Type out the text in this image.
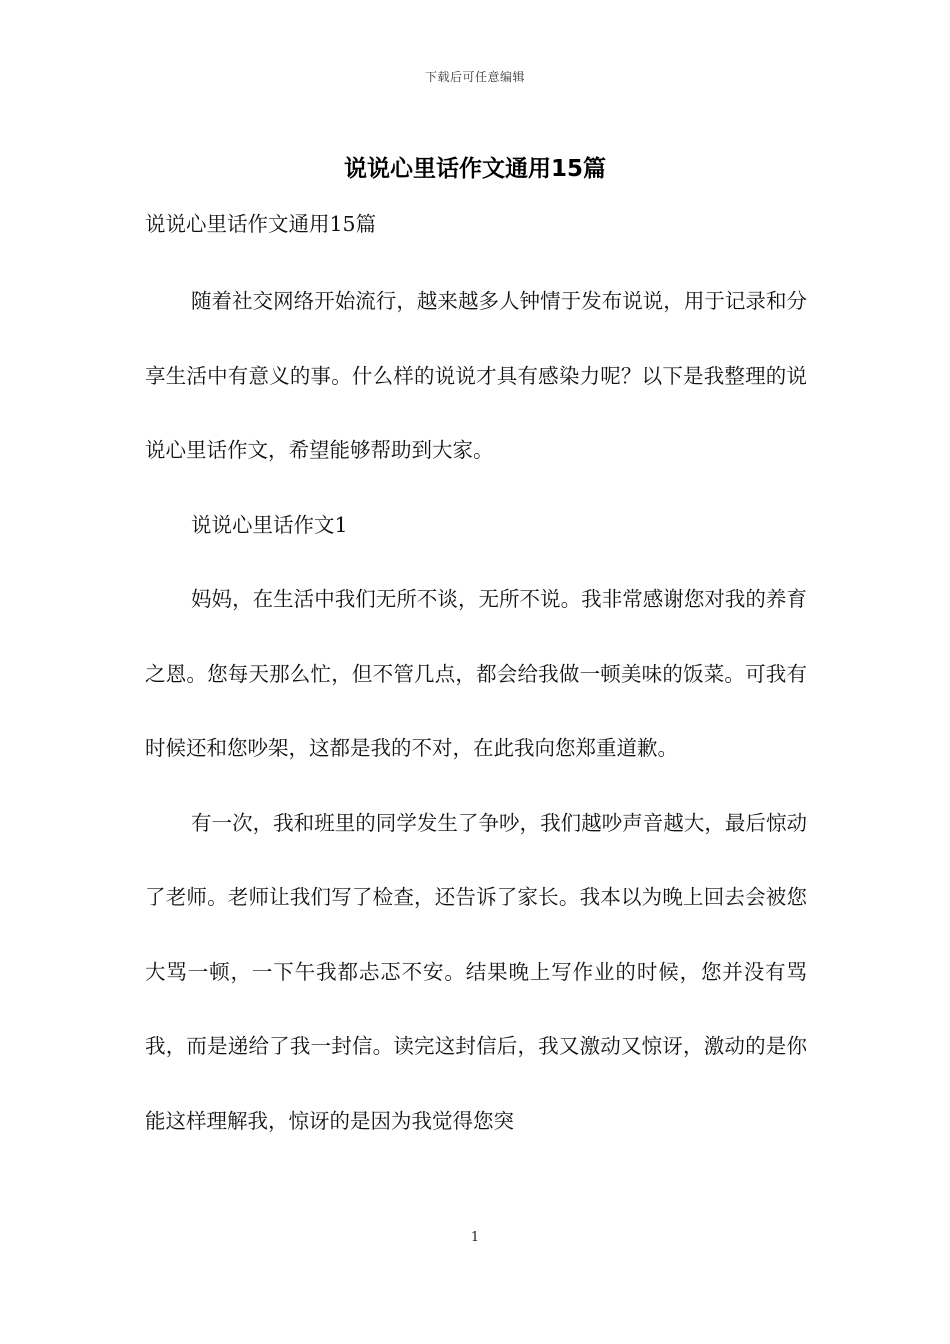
下载后可任意编辑
说说心里话作文通用15篇
说说心里话作文通用15篇

随着社交网络开始流行，越来越多人钟情于发布说说，用于记录和分享生活中有意义的事。什么样的说说才具有感染力呢？以下是我整理的说说心里话作文，希望能够帮助到大家。

说说心里话作文1

妈妈，在生活中我们无所不谈，无所不说。我非常感谢您对我的养育之恩。您每天那么忙，但不管几点，都会给我做一顿美味的饭菜。可我有时候还和您吵架，这都是我的不对，在此我向您郑重道歉。

有一次，我和班里的同学发生了争吵，我们越吵声音越大，最后惊动了老师。老师让我们写了检查，还告诉了家长。我本以为晚上回去会被您大骂一顿，一下午我都忐忑不安。结果晚上写作业的时候，您并没有骂我，而是递给了我一封信。读完这封信后，我又激动又惊讶，激动的是你能这样理解我，惊讶的是因为我觉得您突

1
